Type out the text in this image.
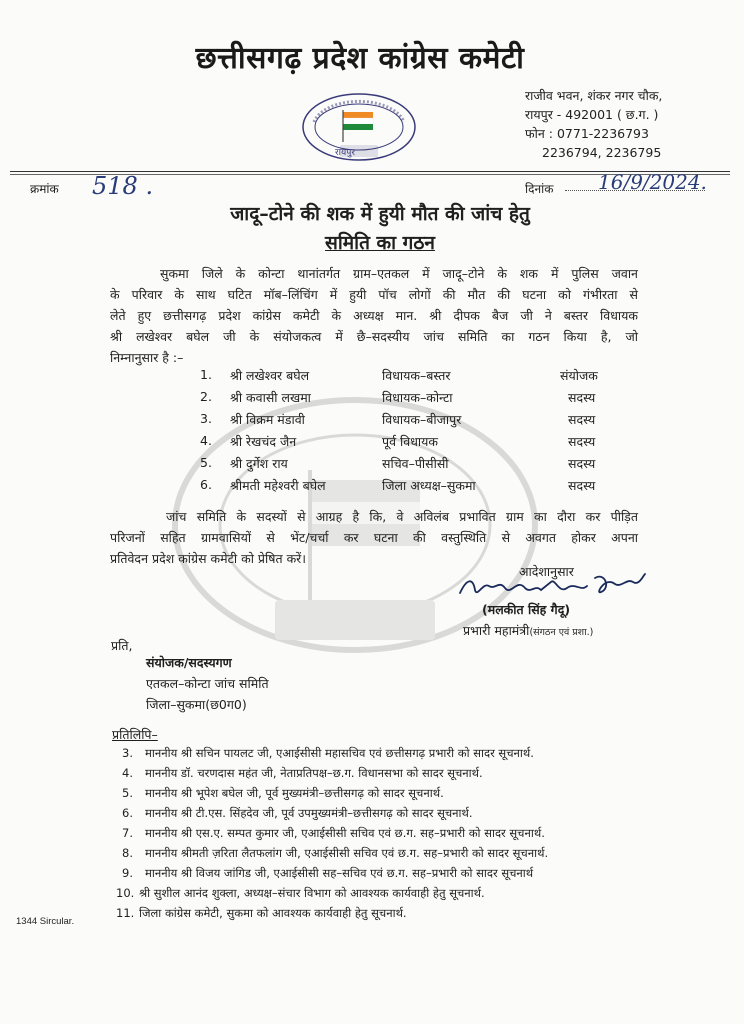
छत्तीसगढ़ प्रदेश कांग्रेस कमेटी
रायपुर
राजीव भवन, शंकर नगर चौक,
रायपुर - 492001 ( छ.ग. )
फोन : 0771-2236793
2236794, 2236795
क्रमांक 518 .	दिनांक 16/9/2024.
जादू–टोने की शक में हुयी मौत की जांच हेतु
समिति का गठन
सुकमा जिले के कोन्टा थानांतर्गत ग्राम–एतकल में जादू–टोने के शक में पुलिस जवान
के परिवार के साथ घटित मॉब–लिंचिंग में हुयी पॉच लोगों की मौत की घटना को गंभीरता से
लेते हुए छत्तीसगढ़ प्रदेश कांग्रेस कमेटी के अध्यक्ष मान. श्री दीपक बैज जी ने बस्तर विधायक
श्री लखेश्वर बघेल जी के संयोजकत्व में छै–सदस्यीय जांच समिति का गठन किया है, जो
निम्नानुसार है :–
1. श्री लखेश्वर बघेल	विधायक–बस्तर	संयोजक
2. श्री कवासी लखमा	विधायक–कोन्टा	सदस्य
3. श्री विक्रम मंडावी	विधायक–बीजापुर	सदस्य
4. श्री रेखचंद जैन	पूर्व विधायक	सदस्य
5. श्री दुर्गेश राय	सचिव–पीसीसी	सदस्य
6. श्रीमती महेश्वरी बघेल	जिला अध्यक्ष–सुकमा	सदस्य
जांच समिति के सदस्यों से आग्रह है कि, वे अविलंब प्रभावित ग्राम का दौरा कर पीड़ित
परिजनों सहित ग्रामवासियों से भेंट/चर्चा कर घटना की वस्तुस्थिति से अवगत होकर अपना
प्रतिवेदन प्रदेश कांग्रेस कमेटी को प्रेषित करें।
आदेशानुसार
(मलकीत सिंह गैदू)
प्रभारी महामंत्री(संगठन एवं प्रशा.)
प्रति,
संयोजक/सदस्यगण
एतकल–कोन्टा जांच समिति
जिला–सुकमा(छ0ग0)
प्रतिलिपि–
3. माननीय श्री सचिन पायलट जी, एआईसीसी महासचिव एवं छत्तीसगढ़ प्रभारी को सादर सूचनार्थ.
4. माननीय डॉ. चरणदास महंत जी, नेताप्रतिपक्ष–छ.ग. विधानसभा को सादर सूचनार्थ.
5. माननीय श्री भूपेश बघेल जी, पूर्व मुख्यमंत्री–छत्तीसगढ़ को सादर सूचनार्थ.
6. माननीय श्री टी.एस. सिंहदेव जी, पूर्व उपमुख्यमंत्री–छत्तीसगढ़ को सादर सूचनार्थ.
7. माननीय श्री एस.ए. सम्पत कुमार जी, एआईसीसी सचिव एवं छ.ग. सह–प्रभारी को सादर सूचनार्थ.
8. माननीय श्रीमती ज़रिता लैतफलांग जी, एआईसीसी सचिव एवं छ.ग. सह–प्रभारी को सादर सूचनार्थ.
9. माननीय श्री विजय जांगिड जी, एआईसीसी सह–सचिव एवं छ.ग. सह–प्रभारी को सादर सूचनार्थ
10. श्री सुशील आनंद शुक्ला, अध्यक्ष–संचार विभाग को आवश्यक कार्यवाही हेतु सूचनार्थ.
11. जिला कांग्रेस कमेटी, सुकमा को आवश्यक कार्यवाही हेतु सूचनार्थ.
1344 Sircular.
